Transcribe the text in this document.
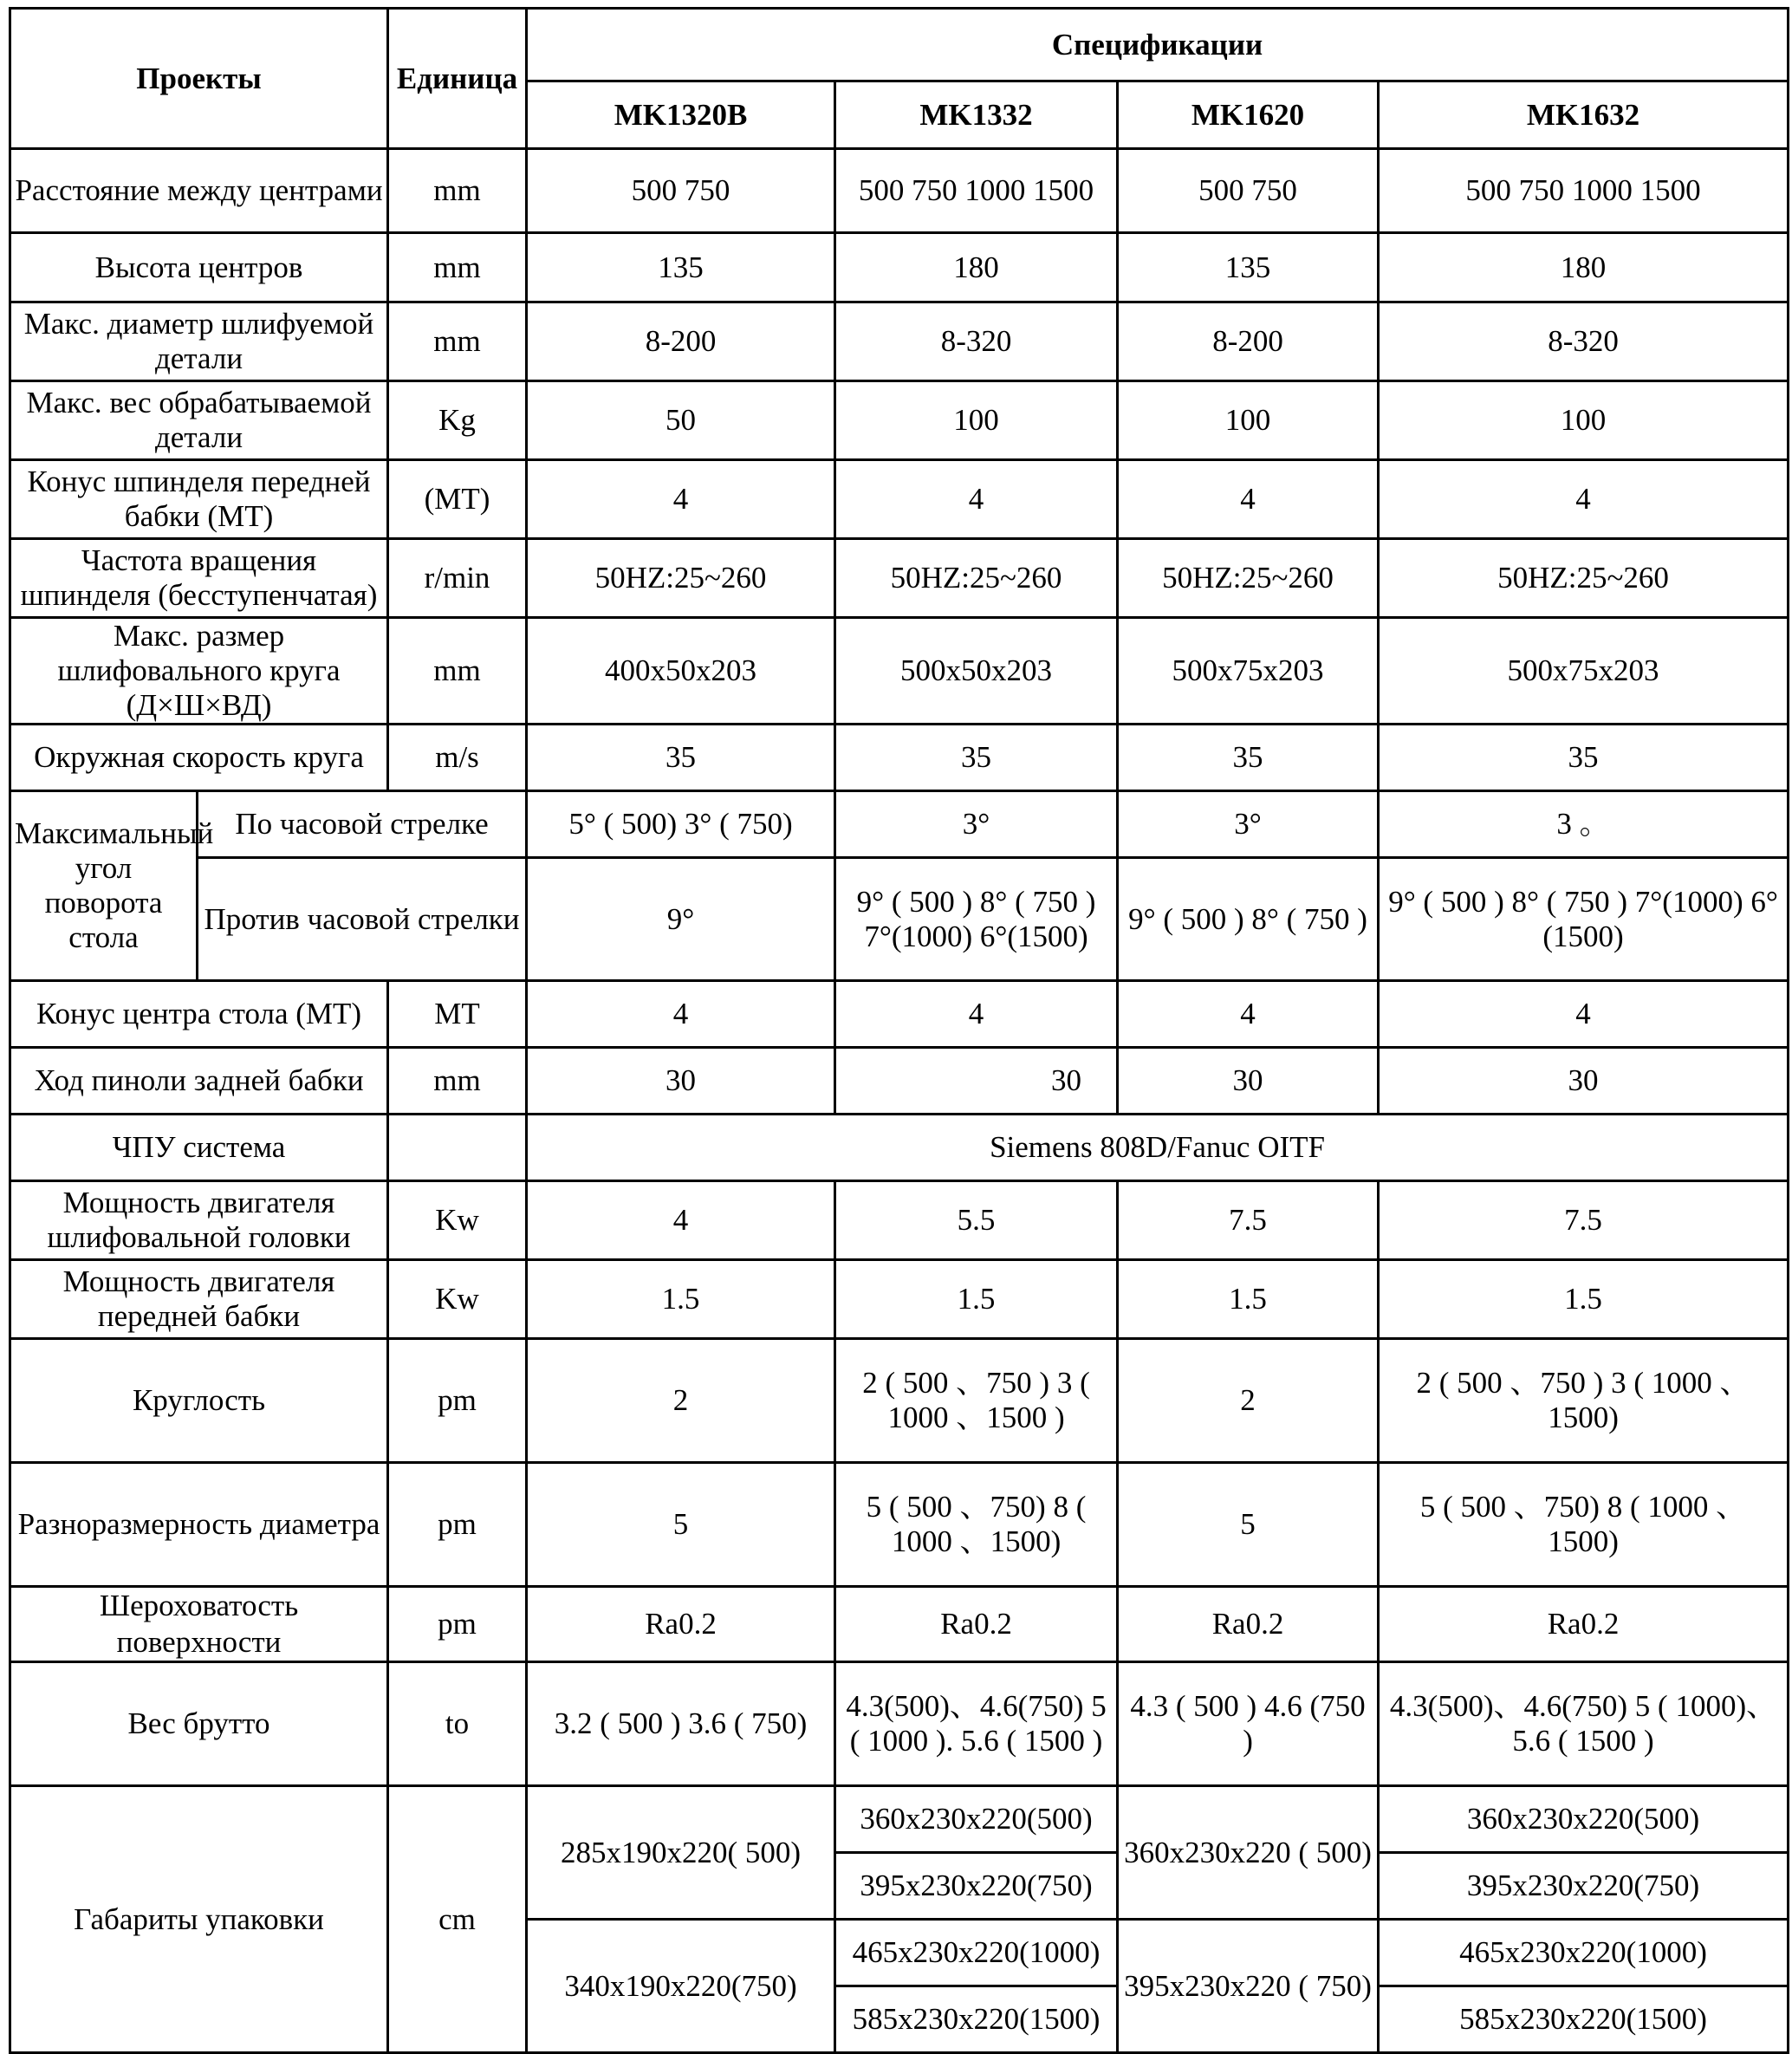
Проекты		Единица	Спецификации			
			MK1320B	MK1332	MK1620	MK1632
Расстояние между центрами		mm	500 750	500 750 1000 1500	500 750	500 750 1000 1500
Высота центров		mm	135	180	135	180
Макс. диаметр шлифуемой детали		mm	8-200	8-320	8-200	8-320
Макс. вес обрабатываемой детали		Kg	50	100	100	100
Конус шпинделя передней бабки (MT)		(MT)	4	4	4	4
Частота вращения шпинделя (бесступенчатая)		r/min	50HZ:25~260	50HZ:25~260	50HZ:25~260	50HZ:25~260
Макс. размер шлифовального круга (Д×Ш×ВД)		mm	400x50x203	500x50x203	500x75x203	500x75x203
Окружная скорость круга		m/s	35	35	35	35
Максимальный угол поворота стола	По часовой стрелке		5° ( 500) 3° ( 750)	3°	3°	3 。
	Против часовой стрелки		9°	9° ( 500 ) 8° ( 750 ) 7°(1000) 6°(1500)	9° ( 500 ) 8° ( 750 )	9° ( 500 ) 8° ( 750 ) 7°(1000) 6°(1500)
Конус центра стола (MT)		MT	4	4	4	4
Ход пиноли задней бабки		mm	30	30	30	30
ЧПУ система			Siemens 808D/Fanuc OITF			
Мощность двигателя шлифовальной головки		Kw	4	5.5	7.5	7.5
Мощность двигателя передней бабки		Kw	1.5	1.5	1.5	1.5
Круглость		pm	2	2 ( 500 、750 ) 3 ( 1000 、1500 )	2	2 ( 500 、750 ) 3 ( 1000 、 1500)
Разноразмерность диаметра		pm	5	5 ( 500 、750) 8 ( 1000 、1500)	5	5 ( 500 、750) 8 ( 1000 、 1500)
Шероховатость поверхности		pm	Ra0.2	Ra0.2	Ra0.2	Ra0.2
Вес брутто		to	3.2 ( 500 ) 3.6 ( 750)	4.3(500)、4.6(750) 5 ( 1000 ). 5.6 ( 1500 )	4.3 ( 500 ) 4.6 (750 )	4.3(500)、4.6(750) 5 ( 1000)、5.6 ( 1500 )
Габариты упаковки		cm	285x190x220( 500)	360x230x220(500)	360x230x220 ( 500)	360x230x220(500)
				395x230x220(750)		395x230x220(750)
			340x190x220(750)	465x230x220(1000)	395x230x220 ( 750)	465x230x220(1000)
				585x230x220(1500)		585x230x220(1500)
